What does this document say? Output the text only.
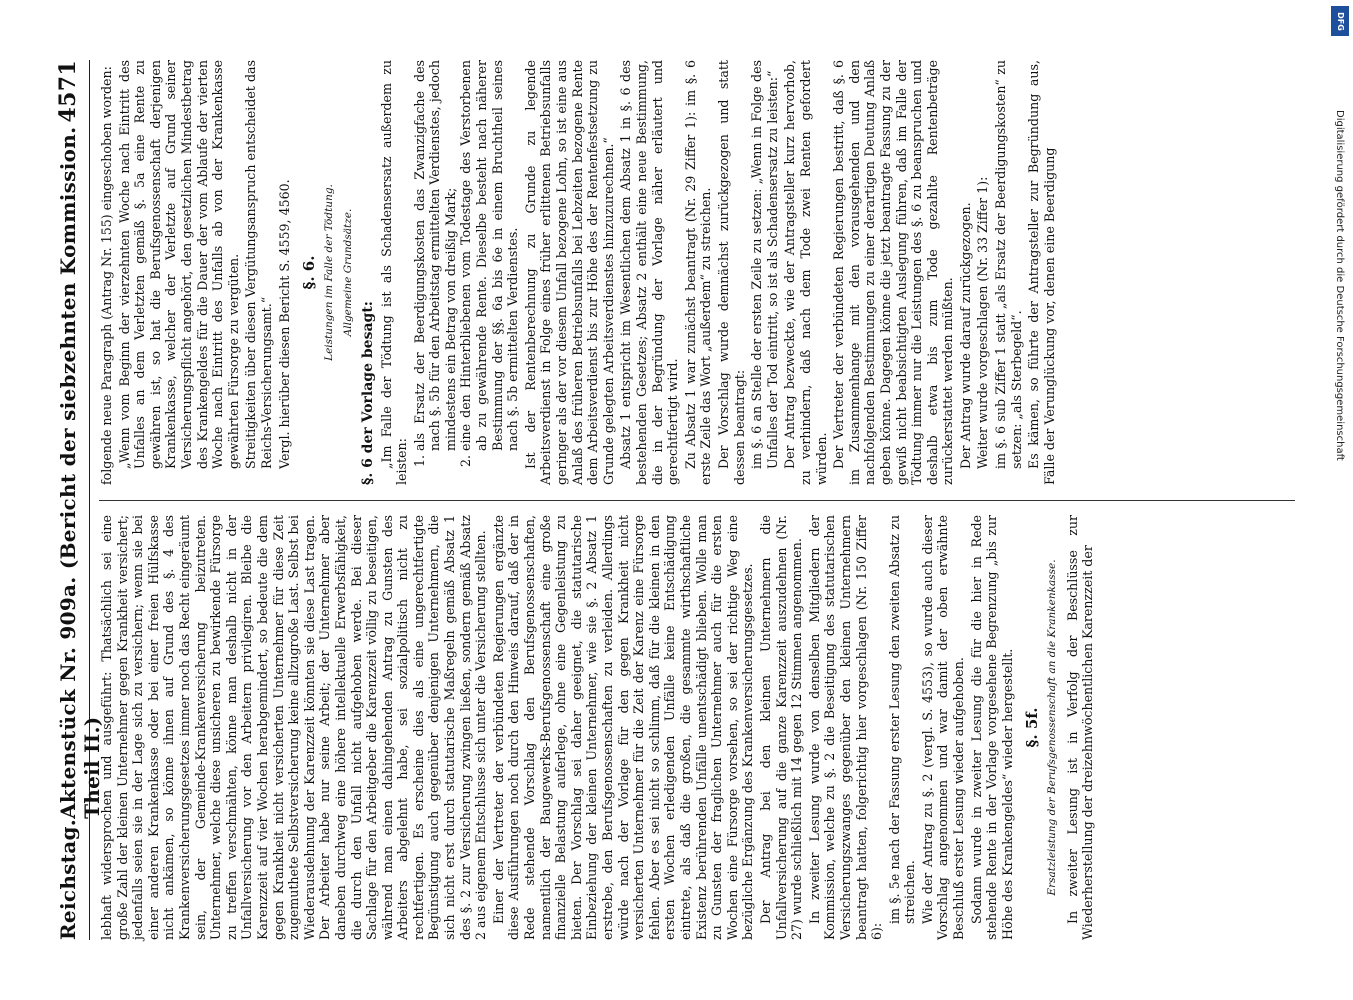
Reichstag.
Aktenstück Nr. 909a. (Bericht der siebzehnten Kommission. Theil II.)
4571

lebhaft widersprochen und ausgeführt: Thatsächlich sei eine große Zahl der kleinen Unternehmer gegen Krankheit versichert; jedenfalls seien sie in der Lage sich zu versichern; wenn sie bei einer anderen Krankenkasse oder bei einer freien Hülfskasse nicht ankämen, so könne ihnen auf Grund des §. 4 des Krankenversicherungsgesetzes immer noch das Recht eingeräumt sein, der Gemeinde-Krankenversicherung beizutreten. Unternehmer, welche diese unsicheren zu bewirkende Fürsorge zu treffen verschmähten, könne man deshalb nicht in der Unfallversicherung vor den Arbeitern privilegiren. Bleibe die Karenzzeit auf vier Wochen herabgemindert, so bedeute die dem gegen Krankheit nicht versicherten Unternehmer für diese Zeit zugemuthete Selbstversicherung keine allzugroße Last. Selbst bei Wiederausdehnung der Karenzzeit könnten sie diese Last tragen. Der Arbeiter habe nur seine Arbeit; der Unternehmer aber daneben durchweg eine höhere intellektuelle Erwerbsfähigkeit, die durch den Unfall nicht aufgehoben werde. Bei dieser Sachlage für den Arbeitgeber die Karenzzeit völlig zu beseitigen, während man einen dahingehenden Antrag zu Gunsten des Arbeiters abgelehnt habe, sei sozialpolitisch nicht zu rechtfertigen. Es erscheine dies als eine ungerechtfertigte Begünstigung auch gegenüber denjenigen Unternehmern, die sich nicht erst durch statutarische Maßregeln gemäß Absatz 1 des §. 2 zur Versicherung zwingen ließen, sondern gemäß Absatz 2 aus eigenem Entschlusse sich unter die Versicherung stellten. Einer der Vertreter der verbündeten Regierungen ergänzte diese Ausführungen noch durch den Hinweis darauf, daß der in Rede stehende Vorschlag den Berufsgenossenschaften, namentlich der Baugewerks-Berufsgenossenschaft eine große finanzielle Belastung auferlege, ohne eine Gegenleistung zu bieten. Der Vorschlag sei daher geeignet, die statutarische Einbeziehung der kleinen Unternehmer, wie sie §. 2 Absatz 1 erstrebe, den Berufsgenossenschaften zu verleiden. Allerdings würde nach der Vorlage für den gegen Krankheit nicht versicherten Unternehmer für die Zeit der Karenz eine Fürsorge fehlen. Aber es sei nicht so schlimm, daß für die kleinen in den ersten Wochen erledigenden Unfälle keine Entschädigung eintrete, als daß die großen, die gesammte wirthschaftliche Existenz berührenden Unfälle unentschädigt blieben. Wolle man zu Gunsten der fraglichen Unternehmer auch für die ersten Wochen eine Fürsorge vorsehen, so sei der richtige Weg eine bezügliche Ergänzung des Krankenversicherungsgesetzes. Der Antrag bei den kleinen Unternehmern die Unfallversicherung auf die ganze Karenzzeit auszudehnen (Nr. 27) wurde schließlich mit 14 gegen 12 Stimmen angenommen. In zweiter Lesung wurde von denselben Mitgliedern der Kommission, welche zu §. 2 die Beseitigung des statutarischen Versicherungszwanges gegenüber den kleinen Unternehmern beantragt hatten, folgerichtig hier vorgeschlagen (Nr. 150 Ziffer 6):

im §. 5e nach der Fassung erster Lesung den zweiten Absatz zu streichen. Wie der Antrag zu §. 2 (vergl. S. 4553), so wurde auch dieser Vorschlag angenommen und war damit der oben erwähnte Beschluß erster Lesung wieder aufgehoben. Sodann wurde in zweiter Lesung die für die hier in Rede stehende Rente in der Vorlage vorgesehene Begrenzung „bis zur Höhe des Krankengeldes“ wieder hergestellt. §. 5f. Ersatzleistung der Berufsgenossenschaft an die Krankenkasse. In zweiter Lesung ist in Verfolg der Beschlüsse zur Wiederherstellung der dreizehnwöchentlichen Karenzzeit der

folgende neue Paragraph (Antrag Nr. 155) eingeschoben worden: „Wenn vom Beginn der vierzehnten Woche nach Eintritt des Unfalles an dem Verletzten gemäß §. 5a eine Rente zu gewähren ist, so hat die Berufsgenossenschaft derjenigen Krankenkasse, welcher der Verletzte auf Grund seiner Versicherungspflicht angehört, den gesetzlichen Mindestbetrag des Krankengeldes für die Dauer der vom Ablaufe der vierten Woche nach Eintritt des Unfalls ab von der Krankenkasse gewährten Fürsorge zu vergüten. Streitigkeiten über diesen Vergütungsanspruch entscheidet das Reichs-Versicherungsamt.“ Vergl. hierüber diesen Bericht S. 4559, 4560. §. 6. Leistungen im Falle der Tödtung. Allgemeine Grundsätze.

§. 6 der Vorlage besagt: „Im Falle der Tödtung ist als Schadensersatz außerdem zu leisten:

1. als Ersatz der Beerdigungskosten das Zwanzigfache des nach §. 5b für den Arbeitstag ermittelten Verdienstes, jedoch mindestens ein Betrag von dreißig Mark;
2. eine den Hinterbliebenen vom Todestage des Verstorbenen ab zu gewährende Rente. Dieselbe besteht nach näherer Bestimmung der §§. 6a bis 6e in einem Bruchtheil seines nach §. 5b ermittelten Verdienstes. Ist der Rentenberechnung zu Grunde zu legende Arbeitsverdienst in Folge eines früher erlittenen Betriebsunfalls geringer als der vor diesem Unfall bezogene Lohn, so ist eine aus Anlaß des früheren Betriebsunfalls bei Lebzeiten bezogene Rente dem Arbeitsverdienst bis zur Höhe des der Rentenfestsetzung zu Grunde gelegten Arbeitsverdienstes hinzuzurechnen.“ Absatz 1 entspricht im Wesentlichen dem Absatz 1 in §. 6 des bestehenden Gesetzes; Absatz 2 enthält eine neue Bestimmung, die in der Begründung der Vorlage näher erläutert und gerechtfertigt wird. Zu Absatz 1 war zunächst beantragt (Nr. 29 Ziffer 1): im §. 6 erste Zeile das Wort „außerdem“ zu streichen. Der Vorschlag wurde demnächst zurückgezogen und statt dessen beantragt: im §. 6 an Stelle der ersten Zeile zu setzen: „Wenn in Folge des Unfalles der Tod eintritt, so ist als Schadensersatz zu leisten:“ Der Antrag bezweckte, wie der Antragsteller kurz hervorhob, zu verhindern, daß nach dem Tode zwei Renten gefordert würden. Der Vertreter der verbündeten Regierungen bestritt, daß §. 6 im Zusammenhange mit den vorausgehenden und den nachfolgenden Bestimmungen zu einer derartigen Deutung Anlaß geben könne. Dagegen könne die jetzt beantragte Fassung zu der gewiß nicht beabsichtigten Auslegung führen, daß im Falle der Tödtung immer nur die Leistungen des §. 6 zu beanspruchen und deshalb etwa bis zum Tode gezahlte Rentenbeträge zurückerstattet werden müßten. Der Antrag wurde darauf zurückgezogen. Weiter wurde vorgeschlagen (Nr. 33 Ziffer 1): im §. 6 sub Ziffer 1 statt „als Ersatz der Beerdigungskosten“ zu setzen: „als Sterbegeld“. Es kämen, so führte der Antragsteller zur Begründung aus, Fälle der Verunglückung vor, denen eine Beerdigung

DFG
Digitalisierung gefördert durch die Deutsche Forschungsgemeinschaft
